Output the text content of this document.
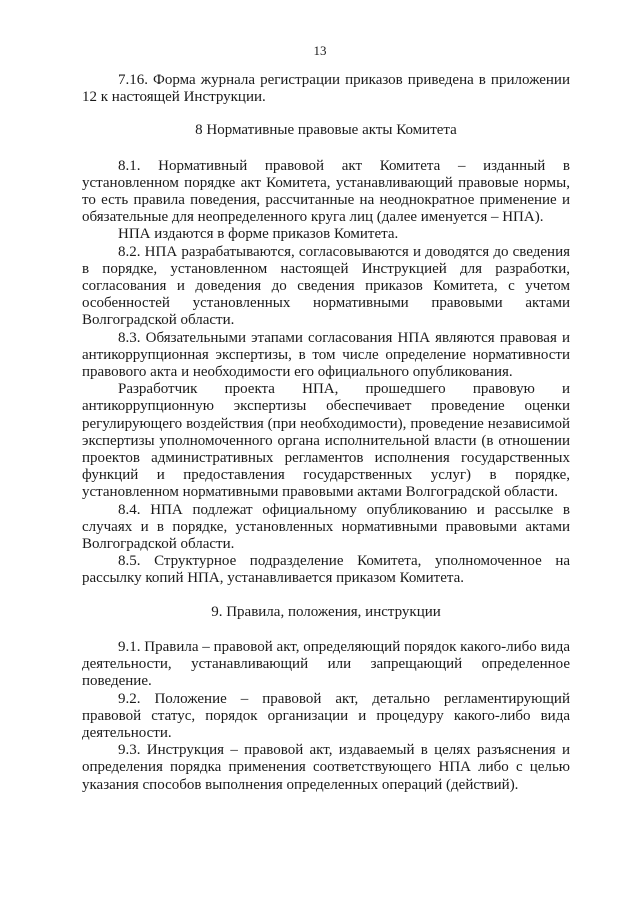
13

7.16. Форма журнала регистрации приказов приведена в приложении 12 к настоящей Инструкции.

8 Нормативные правовые акты Комитета

8.1. Нормативный правовой акт Комитета – изданный в установленном порядке акт Комитета, устанавливающий правовые нормы, то есть правила поведения, рассчитанные на неоднократное применение и обязательные для неопределенного круга лиц (далее именуется – НПА).

НПА издаются в форме приказов Комитета.

8.2. НПА разрабатываются, согласовываются и доводятся до сведения в порядке, установленном настоящей Инструкцией для разработки, согласования и доведения до сведения приказов Комитета, с учетом особенностей установленных нормативными правовыми актами Волгоградской области.

8.3. Обязательными этапами согласования НПА являются правовая и антикоррупционная экспертизы, в том числе определение нормативности правового акта и необходимости его официального опубликования.

Разработчик проекта НПА, прошедшего правовую и антикоррупционную экспертизы обеспечивает проведение оценки регулирующего воздействия (при необходимости), проведение независимой экспертизы уполномоченного органа исполнительной власти (в отношении проектов административных регламентов исполнения государственных функций и предоставления государственных услуг) в порядке, установленном нормативными правовыми актами Волгоградской области.

8.4. НПА подлежат официальному опубликованию и рассылке в случаях и в порядке, установленных нормативными правовыми актами Волгоградской области.

8.5. Структурное подразделение Комитета, уполномоченное на рассылку копий НПА, устанавливается приказом Комитета.

9. Правила, положения, инструкции

9.1. Правила – правовой акт, определяющий порядок какого-либо вида деятельности, устанавливающий или запрещающий определенное поведение.

9.2. Положение – правовой акт, детально регламентирующий правовой статус, порядок организации и процедуру какого-либо вида деятельности.

9.3. Инструкция – правовой акт, издаваемый в целях разъяснения и определения порядка применения соответствующего НПА либо с целью указания способов выполнения определенных операций (действий).
